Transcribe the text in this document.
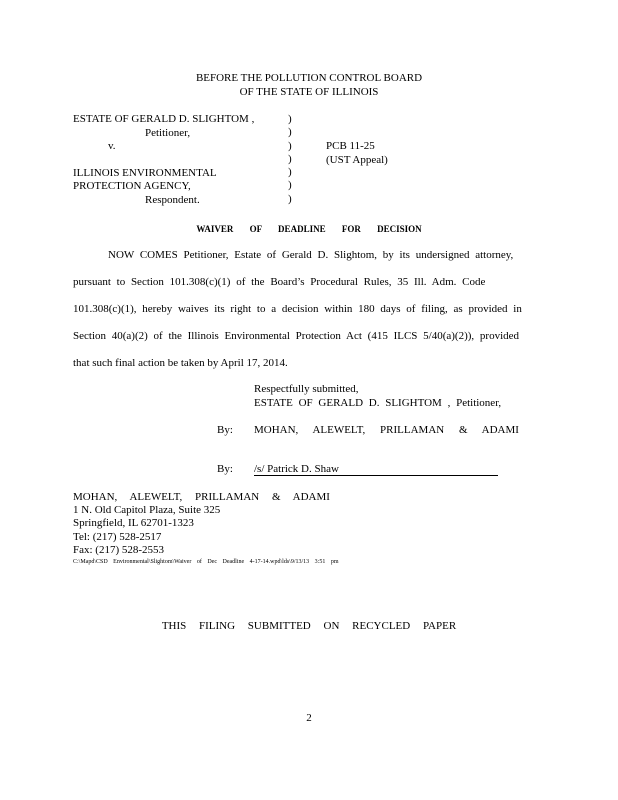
BEFORE THE POLLUTION CONTROL BOARD
OF THE STATE OF ILLINOIS
ESTATE OF GERALD D. SLIGHTOM ,
Petitioner,
v.
ILLINOIS ENVIRONMENTAL
PROTECTION AGENCY,
Respondent.
)
)
)
)
)
)
)
PCB 11-25
(UST Appeal)
WAIVER OF DEADLINE FOR DECISION
NOW COMES Petitioner, Estate of Gerald D. Slightom, by its undersigned attorney,
pursuant to Section 101.308(c)(1) of the Board’s Procedural Rules, 35 Ill. Adm. Code
101.308(c)(1), hereby waives its right to a decision within 180 days of filing, as provided in
Section 40(a)(2) of the Illinois Environmental Protection Act (415 ILCS 5/40(a)(2)), provided
that such final action be taken by April 17, 2014.
Respectfully submitted,
ESTATE OF GERALD D. SLIGHTOM , Petitioner,
By: MOHAN, ALEWELT, PRILLAMAN & ADAMI
By: /s/ Patrick D. Shaw
MOHAN, ALEWELT, PRILLAMAN & ADAMI
1 N. Old Capitol Plaza, Suite 325
Springfield, IL 62701-1323
Tel: (217) 528-2517
Fax: (217) 528-2553
C:\Mapd\CSD Environmental\Slightom\Waiver of Dec Deadline 4-17-14.wpd\lds\9/13/13 3:51 pm
THIS FILING SUBMITTED ON RECYCLED PAPER
2
